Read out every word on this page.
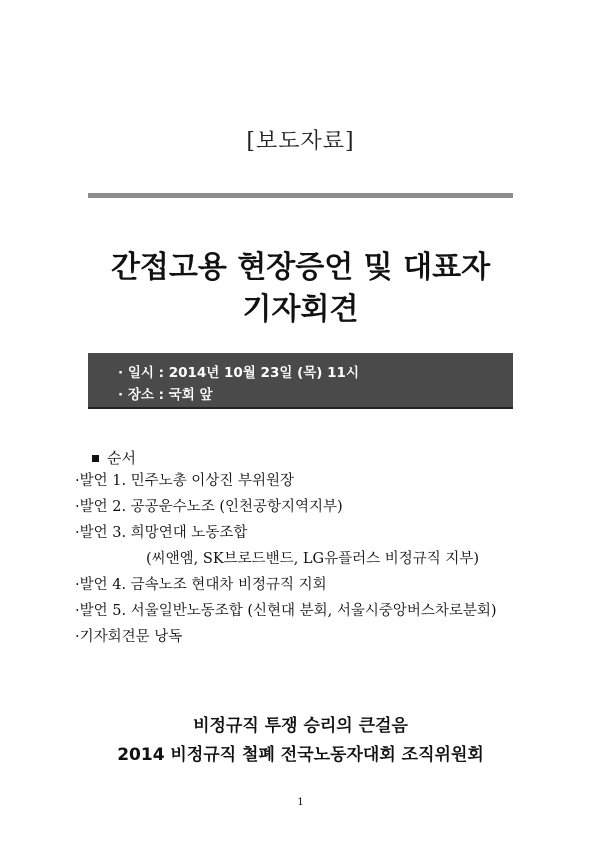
[보도자료]
간접고용 현장증언 및 대표자
기자회견
· 일시 : 2014년 10월 23일 (목) 11시
· 장소 : 국회 앞
순서
·발언 1. 민주노총 이상진 부위원장
·발언 2. 공공운수노조 (인천공항지역지부)
·발언 3. 희망연대 노동조합
(씨앤엠, SK브로드밴드, LG유플러스 비정규직 지부)
·발언 4. 금속노조 현대차 비정규직 지회
·발언 5. 서울일반노동조합 (신현대 분회, 서울시중앙버스차로분회)
·기자회견문 낭독
비정규직 투쟁 승리의 큰걸음
2014 비정규직 철폐 전국노동자대회 조직위원회
1
